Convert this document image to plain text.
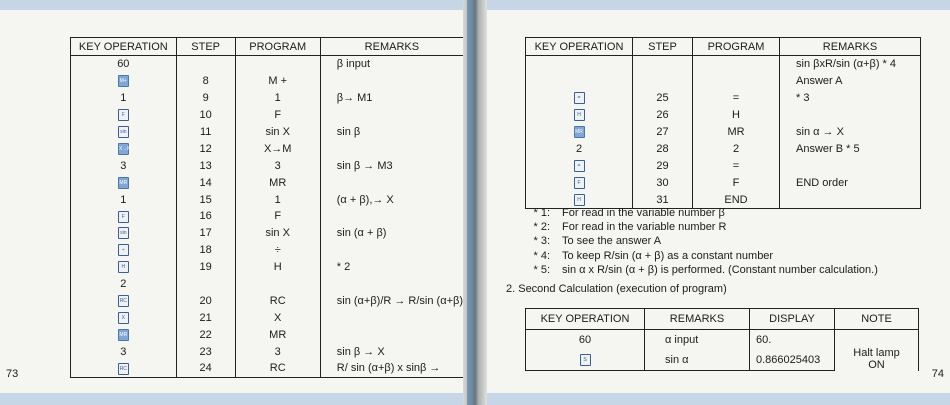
73
KEY OPERATION	STEP	PROGRAM	REMARKS
60			β input
M+	8	M +	
1	9	1	β→ M1
F	10	F	
sin	11	sin X	sin β
X→M	12	X→M	
3	13	3	sin β → M3
MR	14	MR	
1	15	1	(α + β),→ X
F	16	F	
sin	17	sin X	sin (α + β)
÷	18	÷	
H	19	H	* 2
2			
RC	20	RC	sin (α+β)/R → R/sin (α+β)
X	21	X	
MR	22	MR	
3	23	3	sin β → X
RC	24	RC	R/ sin (α+β) x sinβ →	74
KEY OPERATION	STEP	PROGRAM	REMARKS
			sin βxR/sin (α+β) * 4
			Answer A
=	25	=	* 3
H	26	H	
MR	27	MR	sin α → X
2	28	2	Answer B * 5
=	29	=	
F	30	F	END order
H	31	END	
* 1:	For read in the variable number β
* 2:	For read in the variable number R
* 3:	To see the answer A
* 4:	To keep R/sin (α + β) as a constant number
* 5:	sin α x R/sin (α + β) is performed. (Constant number calculation.)
2. Second Calculation (execution of program)
KEY OPERATION	REMARKS	DISPLAY	NOTE
60	α input	60.	Halt lamp ON
S	sin α	0.866025403	
